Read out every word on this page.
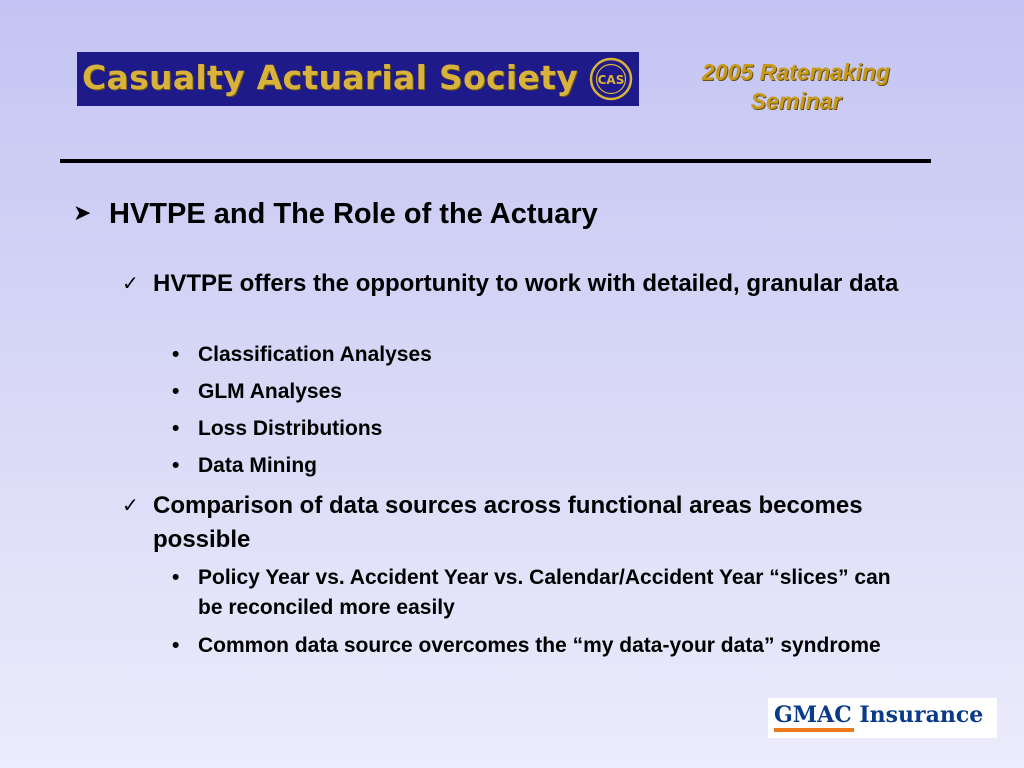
Casualty Actuarial Society CAS	2005 Ratemaking
Seminar
➤ HVTPE and The Role of the Actuary
✓ HVTPE offers the opportunity to work with detailed, granular data
• Classification Analyses
• GLM Analyses
• Loss Distributions
• Data Mining
✓ Comparison of data sources across functional areas becomes possible
• Policy Year vs. Accident Year vs. Calendar/Accident Year “slices” can be reconciled more easily
• Common data source overcomes the “my data-your data” syndrome
GMAC Insurance
